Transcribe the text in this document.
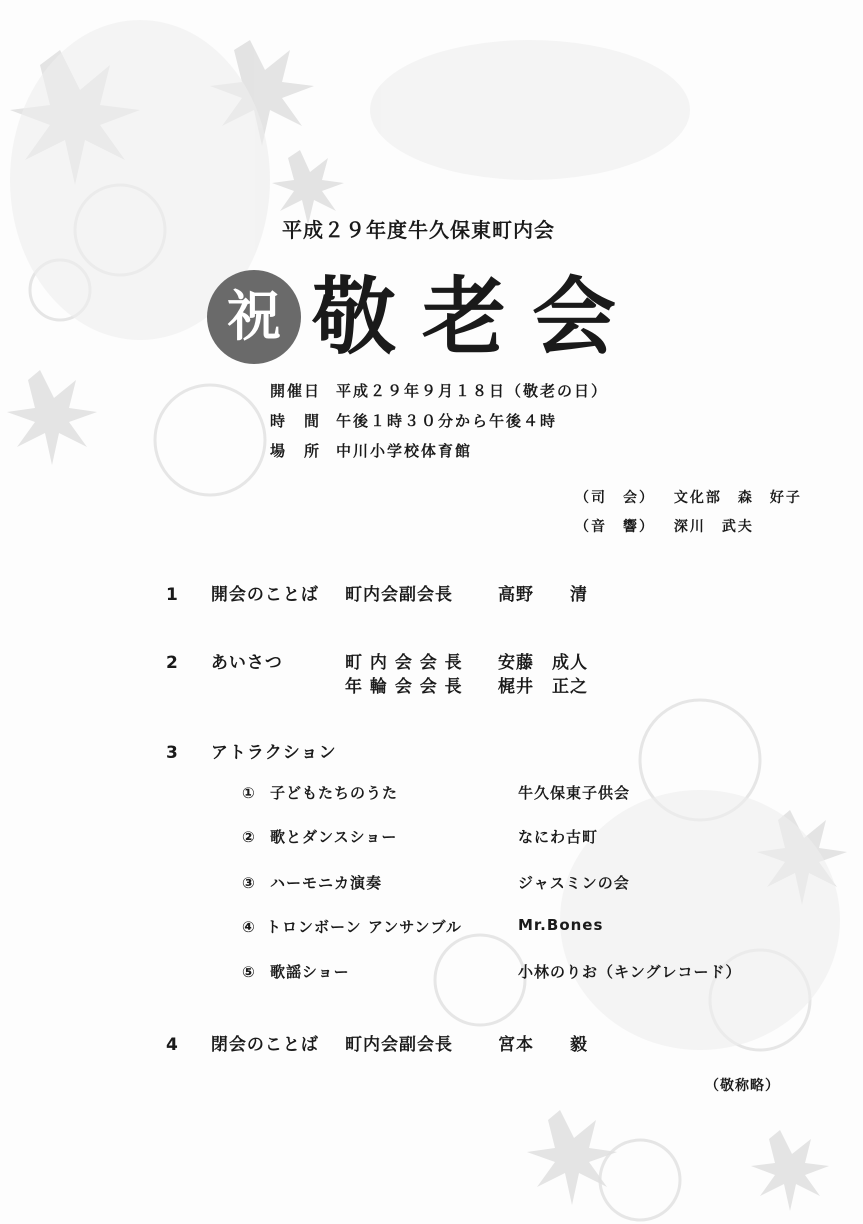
平成２９年度牛久保東町内会
祝 敬老会
開催日 平成２９年９月１８日（敬老の日）
時　間 午後１時３０分から午後４時
場　所 中川小学校体育館
（司　会） 文化部　森　好子
（音　響） 深川　武夫
1 開会のことば 町内会副会長	高野　　清
2 あいさつ	町 内 会 会 長 安藤　成人
年 輪 会 会 長 梶井　正之
3 アトラクション
① 子どもたちのうた	牛久保東子供会
② 歌とダンスショー	なにわ古町
③ ハーモニカ演奏	ジャスミンの会
④ トロンボーン アンサンブル	Mr.Bones
⑤ 歌謡ショー	小林のりお（キングレコード）
4 閉会のことば 町内会副会長	宮本　　毅
（敬称略）
